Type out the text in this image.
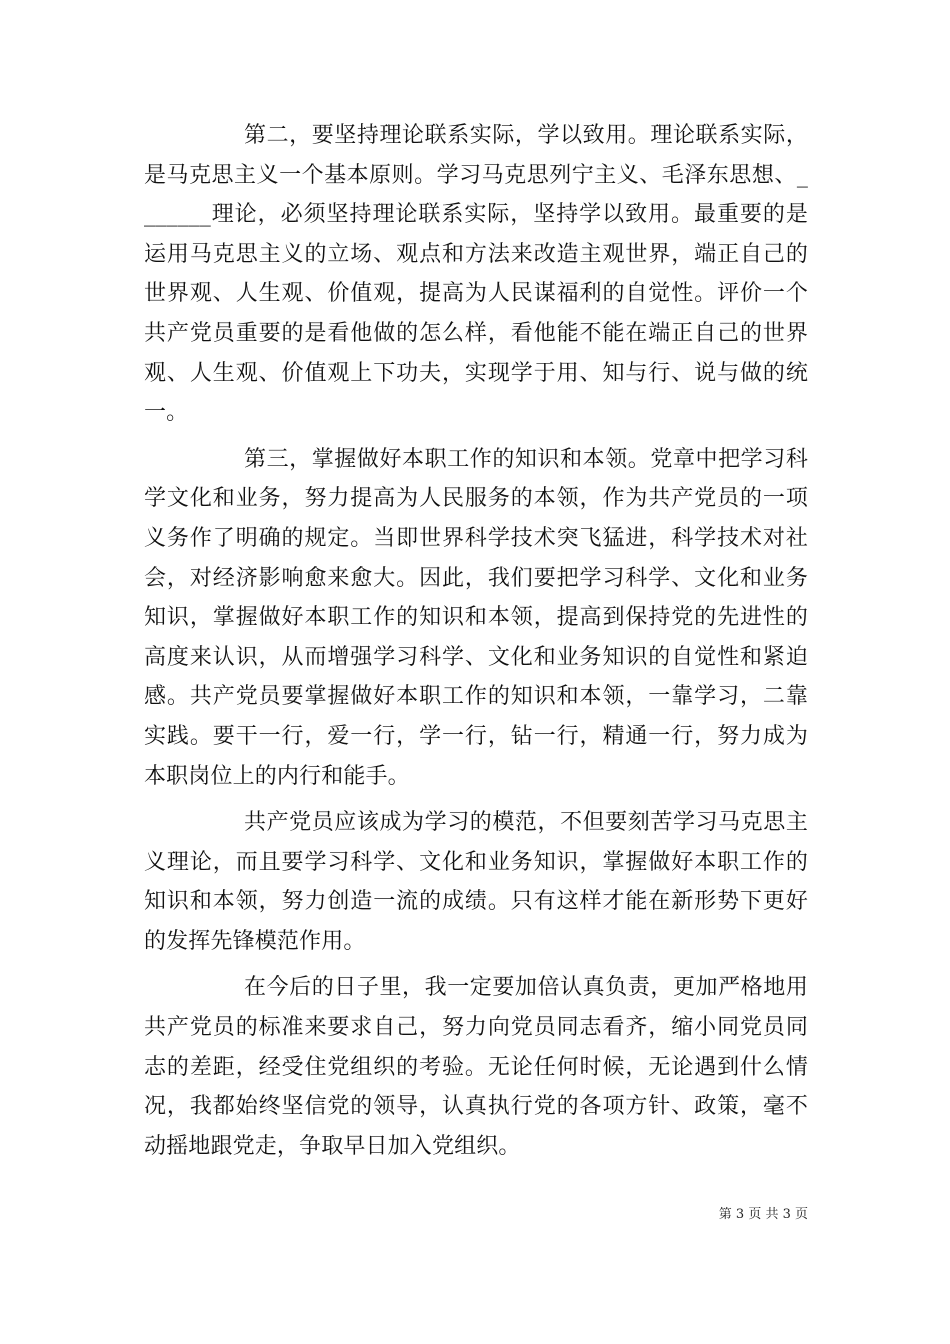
第二，要坚持理论联系实际，学以致用。理论联系实际，是马克思主义一个基本原则。学习马克思列宁主义、毛泽东思想、_______理论，必须坚持理论联系实际，坚持学以致用。最重要的是运用马克思主义的立场、观点和方法来改造主观世界，端正自己的世界观、人生观、价值观，提高为人民谋福利的自觉性。评价一个共产党员重要的是看他做的怎么样，看他能不能在端正自己的世界观、人生观、价值观上下功夫，实现学于用、知与行、说与做的统一。

第三，掌握做好本职工作的知识和本领。党章中把学习科学文化和业务，努力提高为人民服务的本领，作为共产党员的一项义务作了明确的规定。当即世界科学技术突飞猛进，科学技术对社会，对经济影响愈来愈大。因此，我们要把学习科学、文化和业务知识，掌握做好本职工作的知识和本领，提高到保持党的先进性的高度来认识，从而增强学习科学、文化和业务知识的自觉性和紧迫感。共产党员要掌握做好本职工作的知识和本领，一靠学习，二靠实践。要干一行，爱一行，学一行，钻一行，精通一行，努力成为本职岗位上的内行和能手。

共产党员应该成为学习的模范，不但要刻苦学习马克思主义理论，而且要学习科学、文化和业务知识，掌握做好本职工作的知识和本领，努力创造一流的成绩。只有这样才能在新形势下更好的发挥先锋模范作用。

在今后的日子里，我一定要加倍认真负责，更加严格地用共产党员的标准来要求自己，努力向党员同志看齐，缩小同党员同志的差距，经受住党组织的考验。无论任何时候，无论遇到什么情况，我都始终坚信党的领导，认真执行党的各项方针、政策，毫不动摇地跟党走，争取早日加入党组织。

第 3 页 共 3 页
